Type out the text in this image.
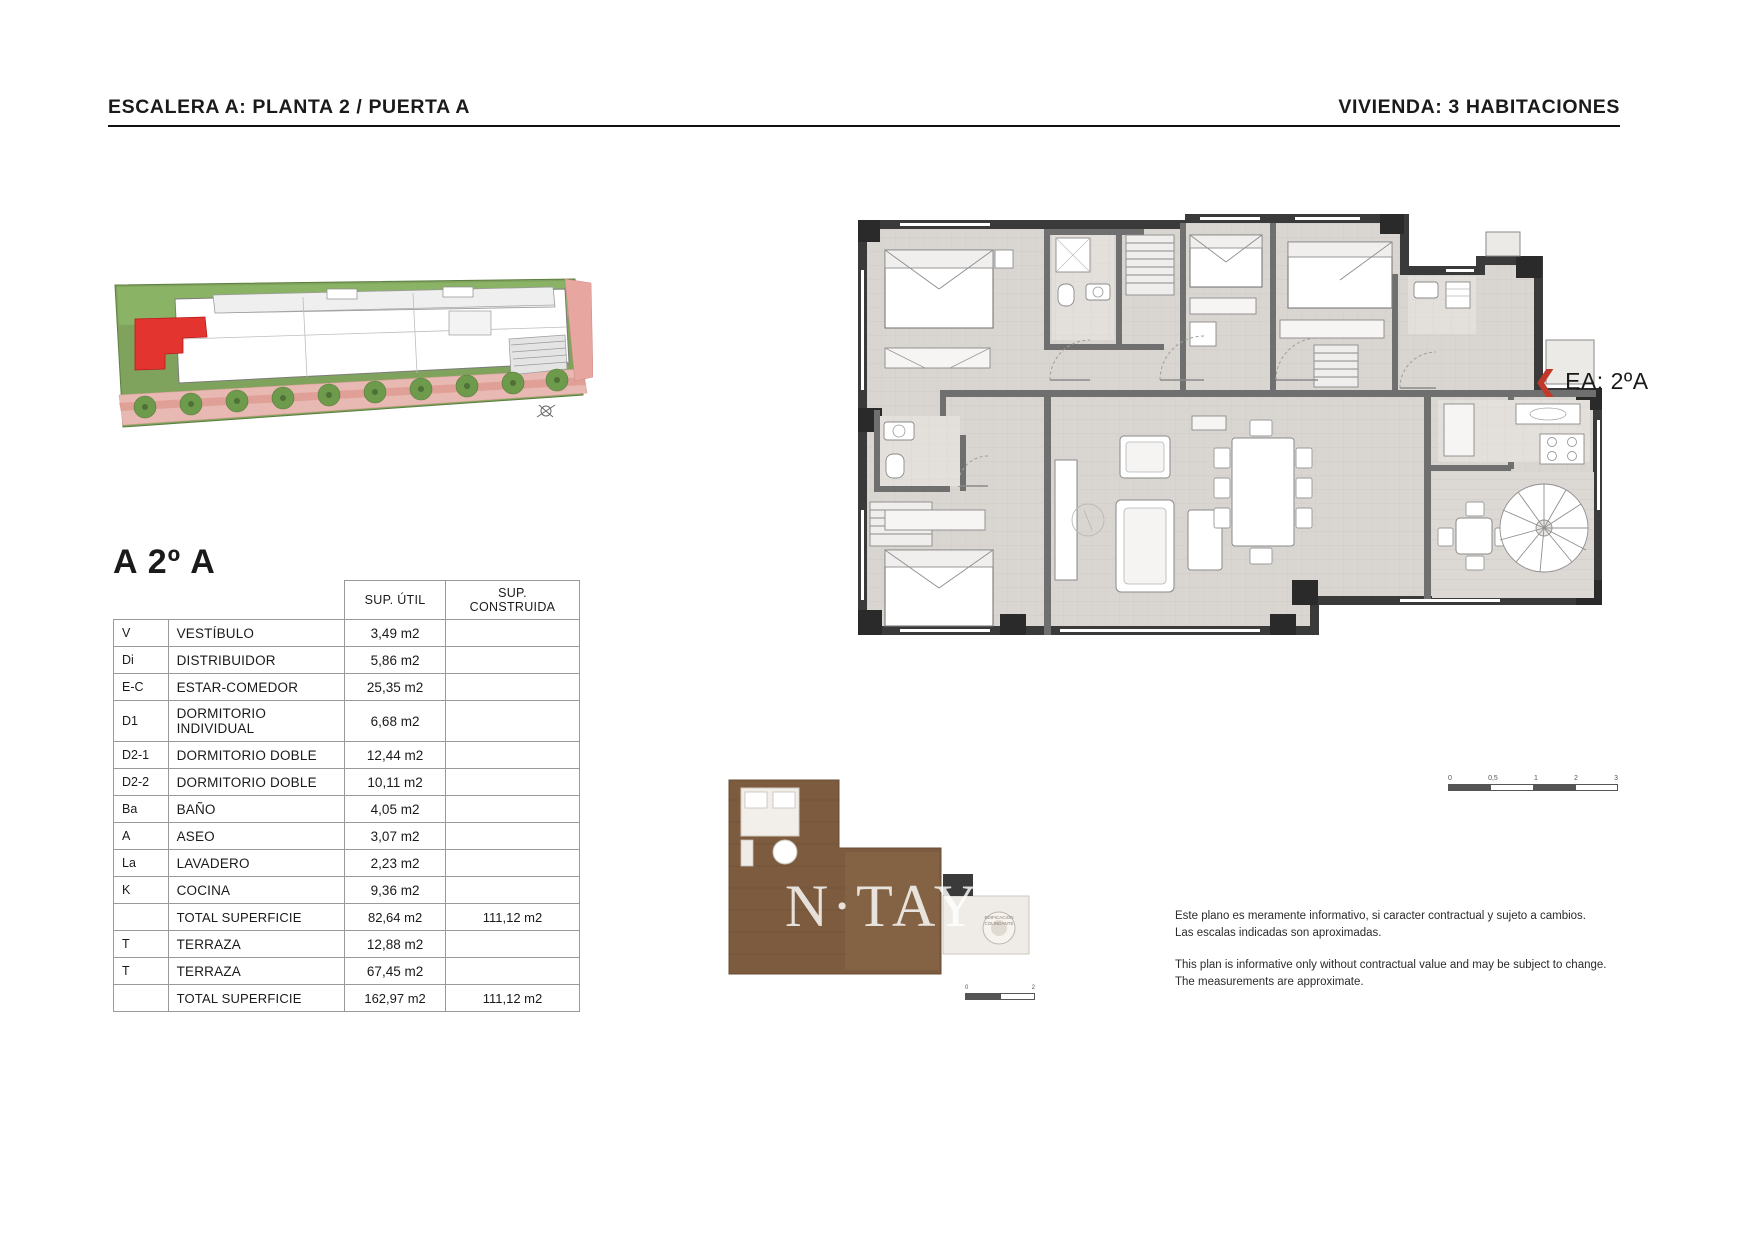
ESCALERA A: PLANTA 2 / PUERTA A	VIVIENDA: 3 HABITACIONES
A 2º A
		SUP. ÚTIL	SUP. CONSTRUIDA
V	VESTÍBULO	3,49 m2	
Di	DISTRIBUIDOR	5,86 m2	
E-C	ESTAR-COMEDOR	25,35 m2	
D1	DORMITORIO INDIVIDUAL	6,68 m2	
D2-1	DORMITORIO DOBLE	12,44 m2	
D2-2	DORMITORIO DOBLE	10,11 m2	
Ba	BAÑO	4,05 m2	
A	ASEO	3,07 m2	
La	LAVADERO	2,23 m2	
K	COCINA	9,36 m2	
	TOTAL SUPERFICIE	82,64 m2	111,12 m2
T	TERRAZA	12,88 m2	
T	TERRAZA	67,45 m2	
	TOTAL SUPERFICIE	162,97 m2	111,12 m2
❮ EA: 2ºA
0	0,5	1	2	3
0	2
EDIFICACIÓN
COLINDANTE
N·TAY	Este plano es meramente informativo, si caracter contractual y sujeto a cambios.
Las escalas indicadas son aproximadas.
This plan is informative only without contractual value and may be subject to change.
The measurements are approximate.
